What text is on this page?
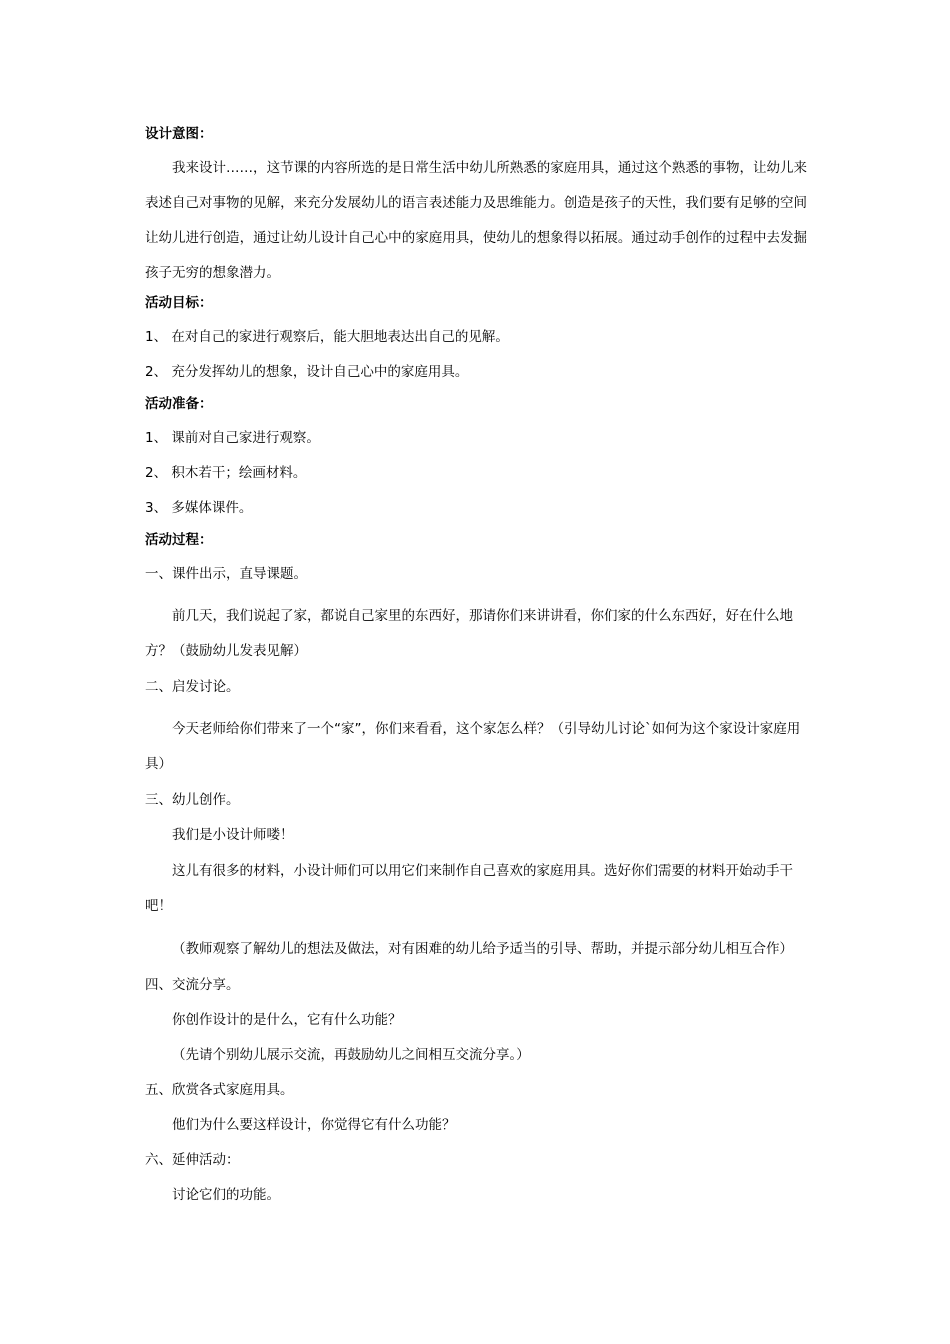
设计意图：
我来设计……，这节课的内容所选的是日常生活中幼儿所熟悉的家庭用具，通过这个熟悉的事物，让幼儿来表述自己对事物的见解，来充分发展幼儿的语言表述能力及思维能力。创造是孩子的天性，我们要有足够的空间让幼儿进行创造，通过让幼儿设计自己心中的家庭用具，使幼儿的想象得以拓展。通过动手创作的过程中去发掘孩子无穷的想象潜力。
活动目标：
1、 在对自己的家进行观察后，能大胆地表达出自己的见解。
2、 充分发挥幼儿的想象，设计自己心中的家庭用具。
活动准备：
1、 课前对自己家进行观察。
2、 积木若干；绘画材料。
3、 多媒体课件。
活动过程：
一、课件出示，直导课题。
前几天，我们说起了家，都说自己家里的东西好，那请你们来讲讲看，你们家的什么东西好，好在什么地方？（鼓励幼儿发表见解）
二、启发讨论。
今天老师给你们带来了一个“家”，你们来看看，这个家怎么样？（引导幼儿讨论`如何为这个家设计家庭用具）
三、幼儿创作。
我们是小设计师喽！
这儿有很多的材料，小设计师们可以用它们来制作自己喜欢的家庭用具。选好你们需要的材料开始动手干吧！
（教师观察了解幼儿的想法及做法，对有困难的幼儿给予适当的引导、帮助，并提示部分幼儿相互合作）
四、交流分享。
你创作设计的是什么，它有什么功能？
（先请个别幼儿展示交流，再鼓励幼儿之间相互交流分享。）
五、欣赏各式家庭用具。
他们为什么要这样设计，你觉得它有什么功能？
六、延伸活动：
讨论它们的功能。
